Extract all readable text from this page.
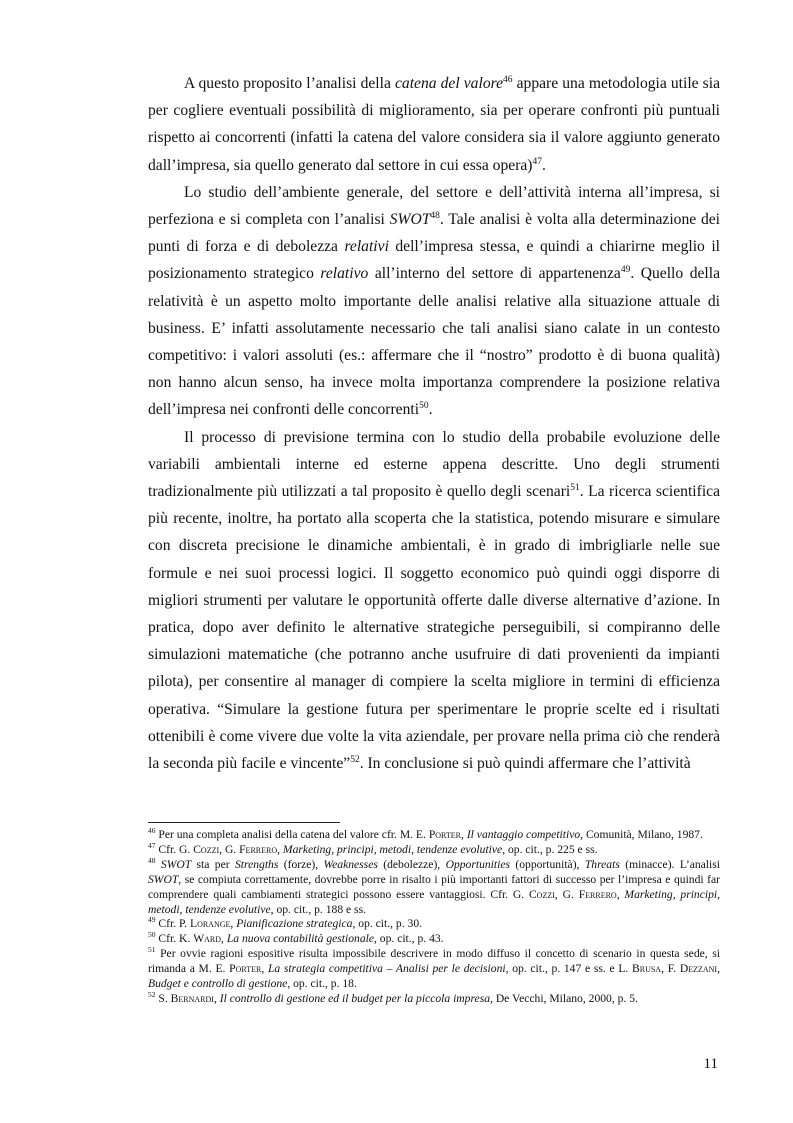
A questo proposito l’analisi della catena del valore$^{46}$ appare una metodologia utile sia per cogliere eventuali possibilità di miglioramento, sia per operare confronti più puntuali rispetto ai concorrenti (infatti la catena del valore considera sia il valore aggiunto generato dall’impresa, sia quello generato dal settore in cui essa opera)$^{47}$.

Lo studio dell’ambiente generale, del settore e dell’attività interna all’impresa, si perfeziona e si completa con l’analisi SWOT$^{48}$. Tale analisi è volta alla determinazione dei punti di forza e di debolezza relativi dell’impresa stessa, e quindi a chiarirne meglio il posizionamento strategico relativo all’interno del settore di appartenenza$^{49}$. Quello della relatività è un aspetto molto importante delle analisi relative alla situazione attuale di business. E’ infatti assolutamente necessario che tali analisi siano calate in un contesto competitivo: i valori assoluti (es.: affermare che il “nostro” prodotto è di buona qualità) non hanno alcun senso, ha invece molta importanza comprendere la posizione relativa dell’impresa nei confronti delle concorrenti$^{50}$.

Il processo di previsione termina con lo studio della probabile evoluzione delle variabili ambientali interne ed esterne appena descritte. Uno degli strumenti tradizionalmente più utilizzati a tal proposito è quello degli scenari$^{51}$. La ricerca scientifica più recente, inoltre, ha portato alla scoperta che la statistica, potendo misurare e simulare con discreta precisione le dinamiche ambientali, è in grado di imbrigliarle nelle sue formule e nei suoi processi logici. Il soggetto economico può quindi oggi disporre di migliori strumenti per valutare le opportunità offerte dalle diverse alternative d’azione. In pratica, dopo aver definito le alternative strategiche perseguibili, si compiranno delle simulazioni matematiche (che potranno anche usufruire di dati provenienti da impianti pilota), per consentire al manager di compiere la scelta migliore in termini di efficienza operativa. “Simulare la gestione futura per sperimentare le proprie scelte ed i risultati ottenibili è come vivere due volte la vita aziendale, per provare nella prima ciò che renderà la seconda più facile e vincente”$^{52}$. In conclusione si può quindi affermare che l’attività

$^{46}$ Per una completa analisi della catena del valore cfr. M. E. Porter, Il vantaggio competitivo, Comunità, Milano, 1987.

$^{47}$ Cfr. G. Cozzi, G. Ferrero, Marketing, principi, metodi, tendenze evolutive, op. cit., p. 225 e ss.

$^{48}$ SWOT sta per Strengths (forze), Weaknesses (debolezze), Opportunities (opportunità), Threats (minacce). L’analisi SWOT, se compiuta correttamente, dovrebbe porre in risalto i più importanti fattori di successo per l’impresa e quindi far comprendere quali cambiamenti strategici possono essere vantaggiosi. Cfr. G. Cozzi, G. Ferrero, Marketing, principi, metodi, tendenze evolutive, op. cit., p. 188 e ss.

$^{49}$ Cfr. P. Lorange, Pianificazione strategica, op. cit., p. 30.

$^{50}$ Cfr. K. Ward, La nuova contabilità gestionale, op. cit., p. 43.

$^{51}$ Per ovvie ragioni espositive risulta impossibile descrivere in modo diffuso il concetto di scenario in questa sede, si rimanda a M. E. Porter, La strategia competitiva – Analisi per le decisioni, op. cit., p. 147 e ss. e L. Brusa, F. Dezzani, Budget e controllo di gestione, op. cit., p. 18.

$^{52}$ S. Bernardi, Il controllo di gestione ed il budget per la piccola impresa, De Vecchi, Milano, 2000, p. 5.

11
